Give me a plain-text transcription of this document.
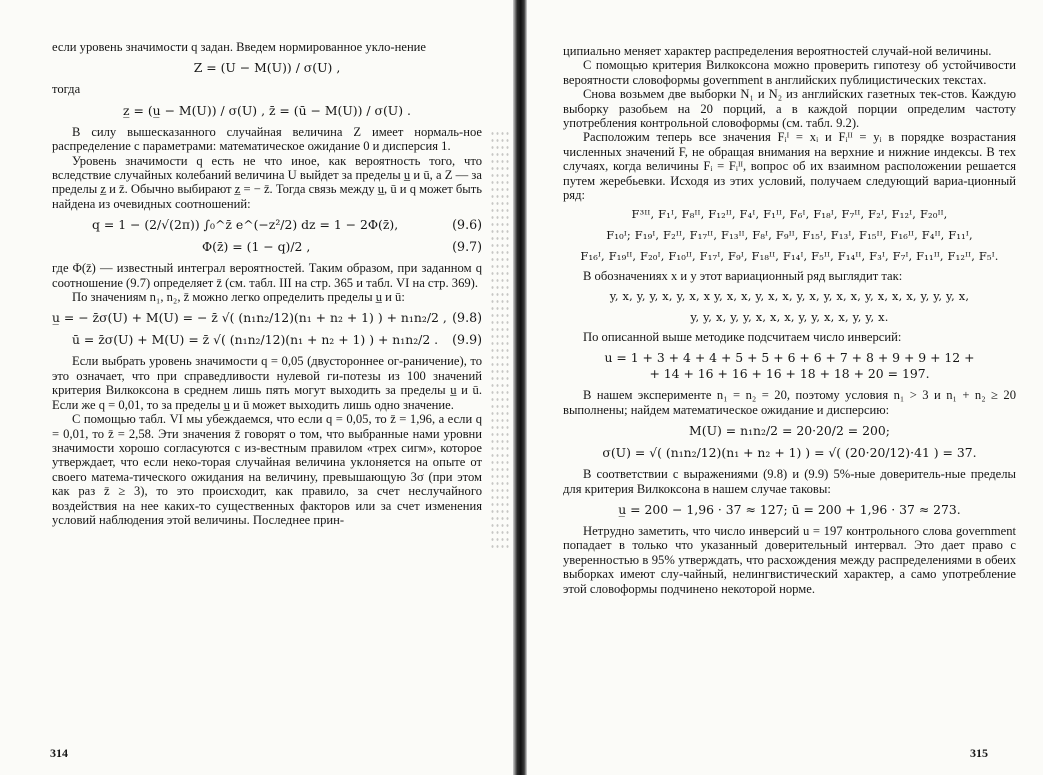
если уровень значимости q задан. Введем нормированное укло-нение

Z = (U − M(U)) / σ(U) ,

тогда

z̲ = (u̲ − M(U)) / σ(U) , z̄ = (ū − M(U)) / σ(U) .

В силу вышесказанного случайная величина Z имеет нормаль-ное распределение с параметрами: математическое ожидание 0 и дисперсия 1.

Уровень значимости q есть не что иное, как вероятность того, что вследствие случайных колебаний величина U выйдет за пределы u̲ и ū, а Z — за пределы z̲ и z̄. Обычно выбирают z̲ = − z̄. Тогда связь между u̲, ū и q может быть найдена из очевидных соотношений:

q = 1 − (2/√(2π)) ∫₀^z̄ e^(−z²/2) dz = 1 − 2Φ(z̄),	(9.6)
Φ(z̄) = (1 − q)/2 ,	(9.7)

где Φ(z̄) — известный интеграл вероятностей. Таким образом, при заданном q соотношение (9.7) определяет z̄ (см. табл. III на стр. 365 и табл. VI на стр. 369).

По значениям n₁, n₂, z̄ можно легко определить пределы u̲ и ū:

u̲ = − z̄σ(U) + M(U) = − z̄ √( (n₁n₂/12)(n₁ + n₂ + 1) ) + n₁n₂/2 , (9.8)
ū = z̄σ(U) + M(U) = z̄ √( (n₁n₂/12)(n₁ + n₂ + 1) ) + n₁n₂/2 . (9.9)

Если выбрать уровень значимости q = 0,05 (двустороннее ог-раничение), то это означает, что при справедливости нулевой ги-потезы из 100 значений критерия Вилкоксона в среднем лишь пять могут выходить за пределы u̲ и ū. Если же q = 0,01, то за пределы u̲ и ū может выходить лишь одно значение.

С помощью табл. VI мы убеждаемся, что если q = 0,05, то z̄ = 1,96, а если q = 0,01, то z̄ = 2,58. Эти значения z̄ говорят о том, что выбранные нами уровни значимости хорошо согласуются с из-вестным правилом «трех сигм», которое утверждает, что если неко-торая случайная величина уклоняется на опыте от своего матема-тического ожидания на величину, превышающую 3σ (при этом как раз z̄ ≥ 3), то это происходит, как правило, за счет неслучайного воздействия на нее каких-то существенных факторов или за счет изменения условий наблюдения этой величины. Последнее прин-

314

ципиально меняет характер распределения вероятностей случай-ной величины.

С помощью критерия Вилкоксона можно проверить гипотезу об устойчивости вероятности словоформы government в английских публицистических текстах.

Снова возьмем две выборки N₁ и N₂ из английских газетных тек-стов. Каждую выборку разобьем на 20 порций, а в каждой порции определим частоту употребления контрольной словоформы (см. табл. 9.2).

Расположим теперь все значения Fᵢᴵ = xᵢ и Fᵢᴵᴵ = yᵢ в порядке возрастания численных значений F, не обращая внимания на верхние и нижние индексы. В тех случаях, когда величины Fᵢ = Fᵢᴵᴵ, вопрос об их взаимном расположении решается путем жеребьевки. Исходя из этих условий, получаем следующий вариа-ционный ряд:

F³ᴵᴵ, F₁ᴵ, F₈ᴵᴵ, F₁₂ᴵᴵ, F₄ᴵ, F₁ᴵᴵ, F₆ᴵ, F₁₈ᴵ, F₇ᴵᴵ, F₂ᴵ, F₁₂ᴵ, F₂₀ᴵᴵ,
F₁₀ᴵ; F₁₉ᴵ, F₂ᴵᴵ, F₁₇ᴵᴵ, F₁₃ᴵᴵ, F₈ᴵ, F₉ᴵᴵ, F₁₅ᴵ, F₁₃ᴵ, F₁₅ᴵᴵ, F₁₆ᴵᴵ, F₄ᴵᴵ, F₁₁ᴵ,
F₁₆ᴵ, F₁₉ᴵᴵ, F₂₀ᴵ, F₁₀ᴵᴵ, F₁₇ᴵ, F₉ᴵ, F₁₈ᴵᴵ, F₁₄ᴵ, F₅ᴵᴵ, F₁₄ᴵᴵ, F₃ᴵ, F₇ᴵ, F₁₁ᴵᴵ, F₁₂ᴵᴵ, F₅ᴵ.

В обозначениях x и y этот вариационный ряд выглядит так:

y, x, y, y, x, y, x, x y, x, x, y, x, x, y, x, y, x, x, y, x, x, x, y, y, y, x,
y, y, x, y, y, x, x, x, y, y, x, x, y, y, x.

По описанной выше методике подсчитаем число инверсий:

u = 1 + 3 + 4 + 4 + 5 + 5 + 6 + 6 + 7 + 8 + 9 + 9 + 12 +
+ 14 + 16 + 16 + 16 + 18 + 18 + 20 = 197.

В нашем эксперименте n₁ = n₂ = 20, поэтому условия n₁ > 3 и n₁ + n₂ ≥ 20 выполнены; найдем математическое ожидание и дисперсию:

M(U) = n₁n₂/2 = 20·20/2 = 200;
σ(U) = √( (n₁n₂/12)(n₁ + n₂ + 1) ) = √( (20·20/12)·41 ) = 37.

В соответствии с выражениями (9.8) и (9.9) 5%-ные доверитель-ные пределы для критерия Вилкоксона в нашем случае таковы:

u̲ = 200 − 1,96 · 37 ≈ 127; ū = 200 + 1,96 · 37 ≈ 273.

Нетрудно заметить, что число инверсий u = 197 контрольного слова government попадает в только что указанный доверительный интервал. Это дает право с уверенностью в 95% утверждать, что расхождения между распределениями в обеих выборках имеют слу-чайный, нелингвистический характер, а само употребление этой словоформы подчинено некоторой норме.

315
